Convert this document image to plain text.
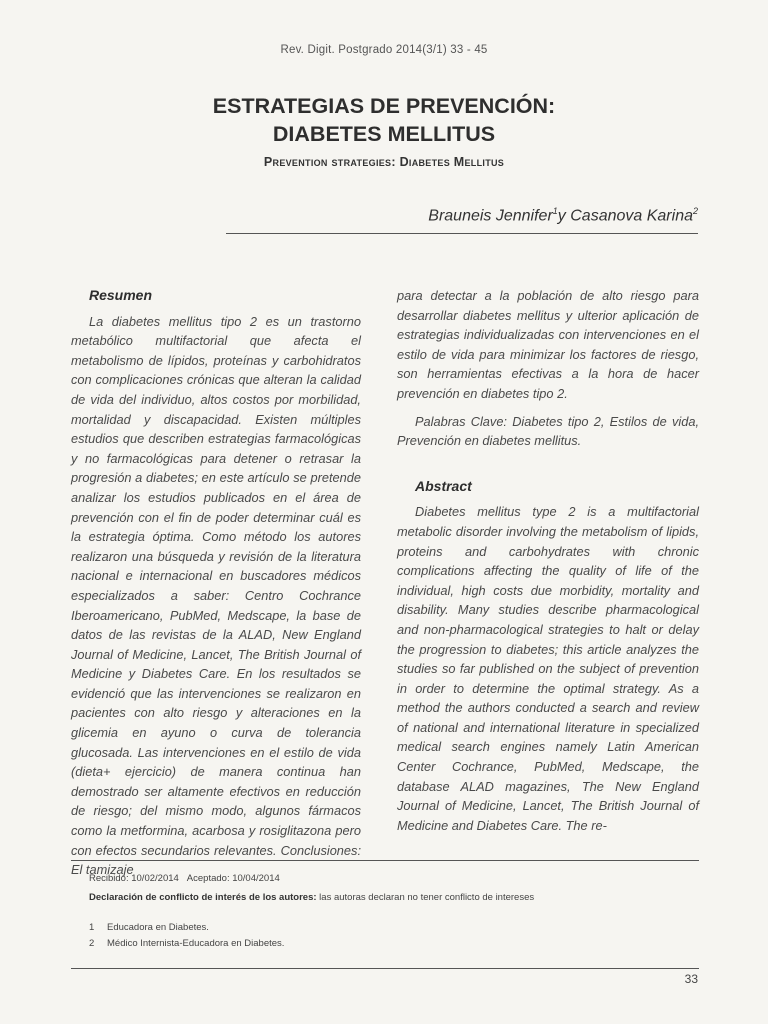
Rev. Digit. Postgrado 2014(3/1) 33 - 45
ESTRATEGIAS DE PREVENCIÓN:
DIABETES MELLITUS
Prevention strategies: Diabetes Mellitus
Brauneis Jennifer$^1$y Casanova Karina$^2$
Resumen

La diabetes mellitus tipo 2 es un trastorno metabólico multifactorial que afecta el metabolismo de lípidos, proteínas y carbohidratos con complicaciones crónicas que alteran la calidad de vida del individuo, altos costos por morbilidad, mortalidad y discapacidad. Existen múltiples estudios que describen estrategias farmacológicas y no farmacológicas para detener o retrasar la progresión a diabetes; en este artículo se pretende analizar los estudios publicados en el área de prevención con el fin de poder determinar cuál es la estrategia óptima. Como método los autores realizaron una búsqueda y revisión de la literatura nacional e internacional en buscadores médicos especializados a saber: Centro Cochrance Iberoamericano, PubMed, Medscape, la base de datos de las revistas de la ALAD, New England Journal of Medicine, Lancet, The British Journal of Medicine y Diabetes Care. En los resultados se evidenció que las intervenciones se realizaron en pacientes con alto riesgo y alteraciones en la glicemia en ayuno o curva de tolerancia glucosada. Las intervenciones en el estilo de vida (dieta+ ejercicio) de manera continua han demostrado ser altamente efectivos en reducción de riesgo; del mismo modo, algunos fármacos como la metformina, acarbosa y rosiglitazona pero con efectos secundarios relevantes. Conclusiones: El tamizaje

para detectar a la población de alto riesgo para desarrollar diabetes mellitus y ulterior aplicación de estrategias individualizadas con intervenciones en el estilo de vida para minimizar los factores de riesgo, son herramientas efectivas a la hora de hacer prevención en diabetes tipo 2.

Palabras Clave: Diabetes tipo 2, Estilos de vida, Prevención en diabetes mellitus.

Abstract

Diabetes mellitus type 2 is a multifactorial metabolic disorder involving the metabolism of lipids, proteins and carbohydrates with chronic complications affecting the quality of life of the individual, high costs due morbidity, mortality and disability. Many studies describe pharmacological and non-pharmacological strategies to halt or delay the progression to diabetes; this article analyzes the studies so far published on the subject of prevention in order to determine the optimal strategy. As a method the authors conducted a search and review of national and international literature in specialized medical search engines namely Latin American Center Cochrance, PubMed, Medscape, the database ALAD magazines, The New England Journal of Medicine, Lancet, The British Journal of Medicine and Diabetes Care. The re-

Recibido: 10/02/2014 Aceptado: 10/04/2014
Declaración de conflicto de interés de los autores: las autoras declaran no tener conflicto de intereses
1 Educadora en Diabetes.
2 Médico Internista-Educadora en Diabetes.
33
